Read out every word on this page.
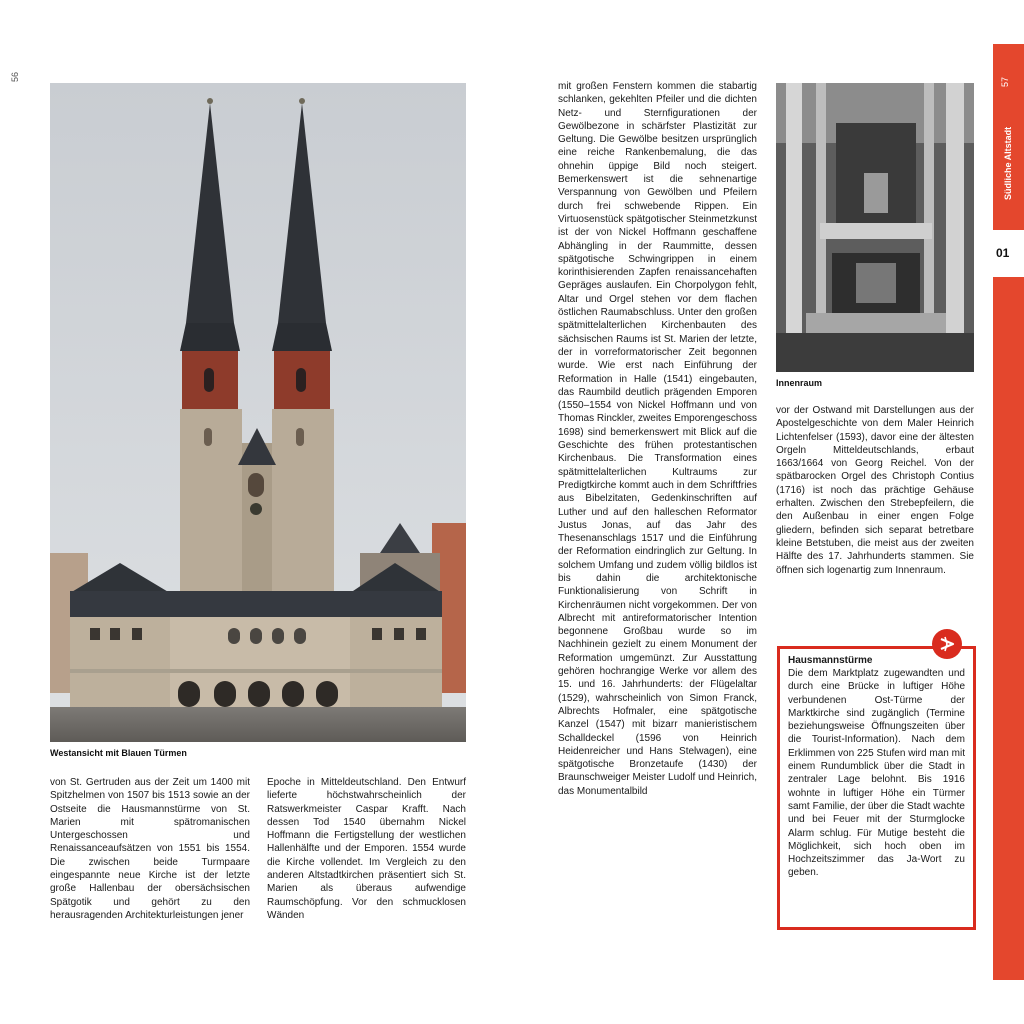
56
Westansicht mit Blauen Türmen
Innenraum

von St. Gertruden aus der Zeit um 1400 mit Spitzhelmen von 1507 bis 1513 sowie an der Ostseite die Hausmannstürme von St. Marien mit spätromanischen Untergeschossen und Renaissanceaufsätzen von 1551 bis 1554. Die zwischen beide Turmpaare eingespannte neue Kirche ist der letzte große Hallenbau der obersächsischen Spätgotik und gehört zu den herausragenden Architekturleistungen jener

Epoche in Mitteldeutschland. Den Entwurf lieferte höchstwahrscheinlich der Ratswerkmeister Caspar Krafft. Nach dessen Tod 1540 übernahm Nickel Hoffmann die Fertigstellung der westlichen Hallenhälfte und der Emporen. 1554 wurde die Kirche vollendet. Im Vergleich zu den anderen Altstadtkirchen präsentiert sich St. Marien als überaus aufwendige Raumschöpfung. Vor den schmucklosen Wänden

mit großen Fenstern kommen die stabartig schlanken, gekehlten Pfeiler und die dichten Netz- und Sternfigurationen der Gewölbezone in schärfster Plastizität zur Geltung. Die Gewölbe besitzen ursprünglich eine reiche Rankenbemalung, die das ohnehin üppige Bild noch steigert. Bemerkenswert ist die sehnenartige Verspannung von Gewölben und Pfeilern durch frei schwebende Rippen. Ein Virtuosenstück spätgotischer Steinmetzkunst ist der von Nickel Hoffmann geschaffene Abhängling in der Raummitte, dessen spätgotische Schwingrippen in einem korinthisierenden Zapfen renaissancehaften Gepräges auslaufen. Ein Chorpolygon fehlt, Altar und Orgel stehen vor dem flachen östlichen Raumabschluss. Unter den großen spätmittelalterlichen Kirchenbauten des sächsischen Raums ist St. Marien der letzte, der in vorreformatorischer Zeit begonnen wurde. Wie erst nach Einführung der Reformation in Halle (1541) eingebauten, das Raumbild deutlich prägenden Emporen (1550–1554 von Nickel Hoffmann und von Thomas Rinckler, zweites Emporengeschoss 1698) sind bemerkenswert mit Blick auf die Geschichte des frühen protestantischen Kirchenbaus. Die Transformation eines spätmittelalterlichen Kultraums zur Predigtkirche kommt auch in dem Schriftfries aus Bibelzitaten, Gedenkinschriften auf Luther und auf den halleschen Reformator Justus Jonas, auf das Jahr des Thesenanschlags 1517 und die Einführung der Reformation eindringlich zur Geltung. In solchem Umfang und zudem völlig bildlos ist bis dahin die architektonische Funktionalisierung von Schrift in Kirchenräumen nicht vorgekommen. Der von Albrecht mit antireformatorischer Intention begonnene Großbau wurde so im Nachhinein gezielt zu einem Monument der Reformation umgemünzt. Zur Ausstattung gehören hochrangige Werke vor allem des 15. und 16. Jahrhunderts: der Flügelaltar (1529), wahrscheinlich von Simon Franck, Albrechts Hofmaler, eine spätgotische Kanzel (1547) mit bizarr manieristischem Schalldeckel (1596 von Heinrich Heidenreicher und Hans Stelwagen), eine spätgotische Bronzetaufe (1430) der Braunschweiger Meister Ludolf und Heinrich, das Monumentalbild

vor der Ostwand mit Darstellungen aus der Apostelgeschichte von dem Maler Heinrich Lichtenfelser (1593), davor eine der ältesten Orgeln Mitteldeutschlands, erbaut 1663/1664 von Georg Reichel. Von der spätbarocken Orgel des Christoph Contius (1716) ist noch das prächtige Gehäuse erhalten. Zwischen den Strebepfeilern, die den Außenbau in einer engen Folge gliedern, befinden sich separat betretbare kleine Betstuben, die meist aus der zweiten Hälfte des 17. Jahrhunderts stammen. Sie öffnen sich logenartig zum Innenraum.

Hausmannstürme
Die dem Marktplatz zugewandten und durch eine Brücke in luftiger Höhe verbundenen Ost-Türme der Marktkirche sind zugänglich (Termine beziehungsweise Öffnungszeiten über die Tourist-Information). Nach dem Erklimmen von 225 Stufen wird man mit einem Rundumblick über die Stadt in zentraler Lage belohnt. Bis 1916 wohnte in luftiger Höhe ein Türmer samt Familie, der über die Stadt wachte und bei Feuer mit der Sturmglocke Alarm schlug. Für Mutige besteht die Möglichkeit, sich hoch oben im Hochzeitszimmer das Ja-Wort zu geben.
57
Südliche Altstadt
01
